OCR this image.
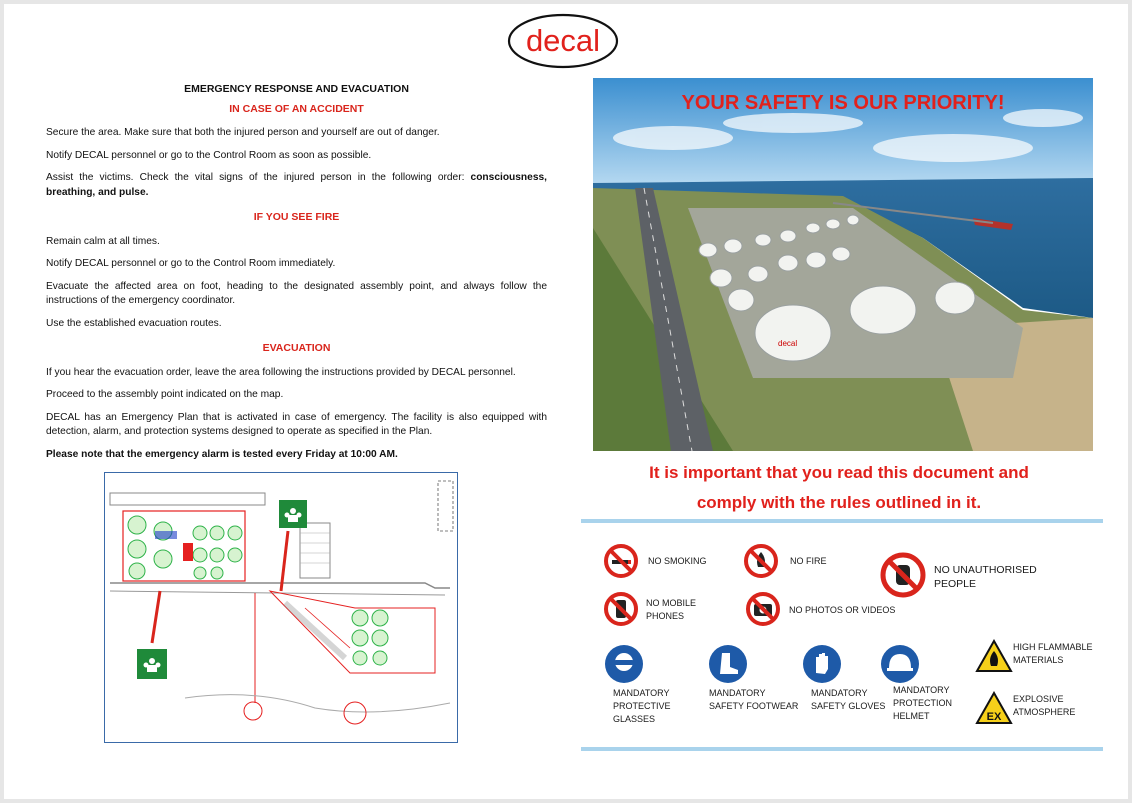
decal
EMERGENCY RESPONSE AND EVACUATION
IN CASE OF AN ACCIDENT

Secure the area. Make sure that both the injured person and yourself are out of danger.

Notify DECAL personnel or go to the Control Room as soon as possible.

Assist the victims. Check the vital signs of the injured person in the following order: consciousness, breathing, and pulse.

IF YOU SEE FIRE

Remain calm at all times.

Notify DECAL personnel or go to the Control Room immediately.

Evacuate the affected area on foot, heading to the designated assembly point, and always follow the instructions of the emergency coordinator.

Use the established evacuation routes.

EVACUATION

If you hear the evacuation order, leave the area following the instructions provided by DECAL personnel.

Proceed to the assembly point indicated on the map.

DECAL has an Emergency Plan that is activated in case of emergency. The facility is also equipped with detection, alarm, and protection systems designed to operate as specified in the Plan.

Please note that the emergency alarm is tested every Friday at 10:00 AM.

decal
YOUR SAFETY IS OUR PRIORITY!
It is important that you read this document and
comply with the rules outlined in it.
NO SMOKING	NO FIRE
NO UNAUTHORISED
PEOPLE
NO MOBILE
PHONES
NO PHOTOS OR VIDEOS
MANDATORY
PROTECTIVE
GLASSES
MANDATORY
SAFETY FOOTWEAR
MANDATORY
SAFETY GLOVES
MANDATORY
PROTECTION
HELMET
HIGH FLAMMABLE
MATERIALS
EX
EXPLOSIVE
ATMOSPHERE
